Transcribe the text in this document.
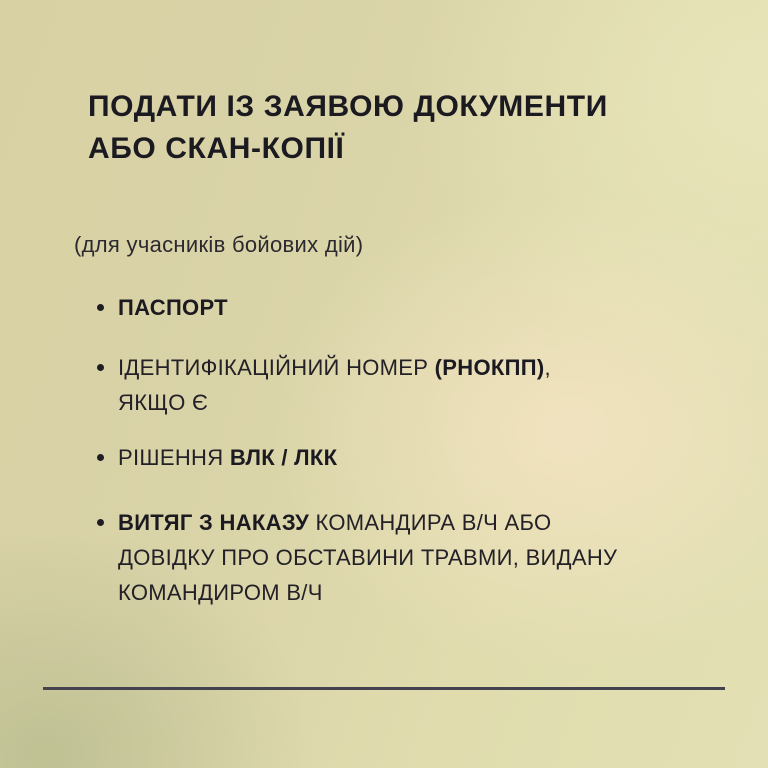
ПОДАТИ ІЗ ЗАЯВОЮ ДОКУМЕНТИ
АБО СКАН-КОПІЇ

(для учасників бойових дій)

ПАСПОРТ
ІДЕНТИФІКАЦІЙНИЙ НОМЕР (РНОКПП), ЯКЩО Є
РІШЕННЯ ВЛК / ЛКК
ВИТЯГ З НАКАЗУ КОМАНДИРА В/Ч АБО ДОВІДКУ ПРО ОБСТАВИНИ ТРАВМИ, ВИДАНУ КОМАНДИРОМ В/Ч
